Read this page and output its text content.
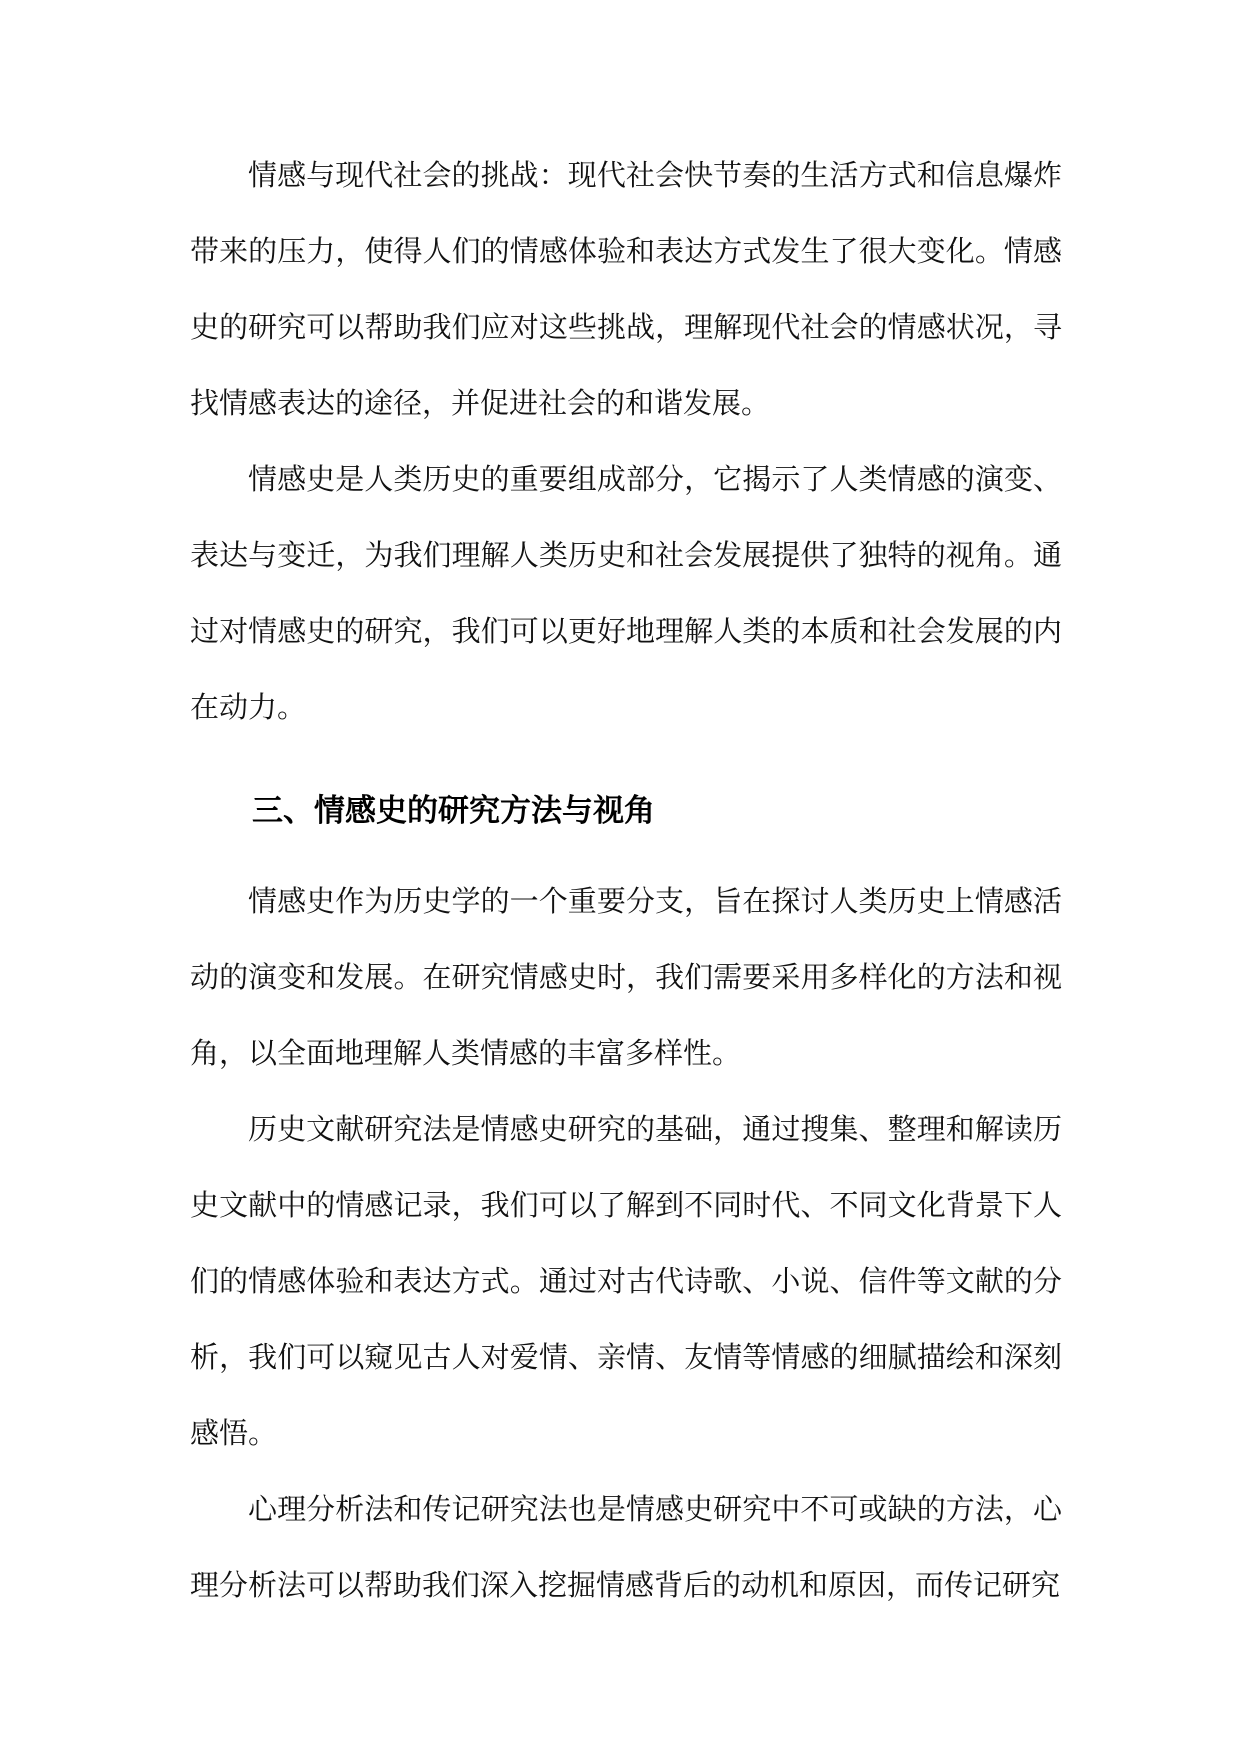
情感与现代社会的挑战：现代社会快节奏的生活方式和信息爆炸带来的压力，使得人们的情感体验和表达方式发生了很大变化。情感史的研究可以帮助我们应对这些挑战，理解现代社会的情感状况，寻找情感表达的途径，并促进社会的和谐发展。

情感史是人类历史的重要组成部分，它揭示了人类情感的演变、表达与变迁，为我们理解人类历史和社会发展提供了独特的视角。通过对情感史的研究，我们可以更好地理解人类的本质和社会发展的内在动力。

三、情感史的研究方法与视角

情感史作为历史学的一个重要分支，旨在探讨人类历史上情感活动的演变和发展。在研究情感史时，我们需要采用多样化的方法和视角，以全面地理解人类情感的丰富多样性。

历史文献研究法是情感史研究的基础，通过搜集、整理和解读历史文献中的情感记录，我们可以了解到不同时代、不同文化背景下人们的情感体验和表达方式。通过对古代诗歌、小说、信件等文献的分析，我们可以窥见古人对爱情、亲情、友情等情感的细腻描绘和深刻感悟。

心理分析法和传记研究法也是情感史研究中不可或缺的方法，心理分析法可以帮助我们深入挖掘情感背后的动机和原因，而传记研究
